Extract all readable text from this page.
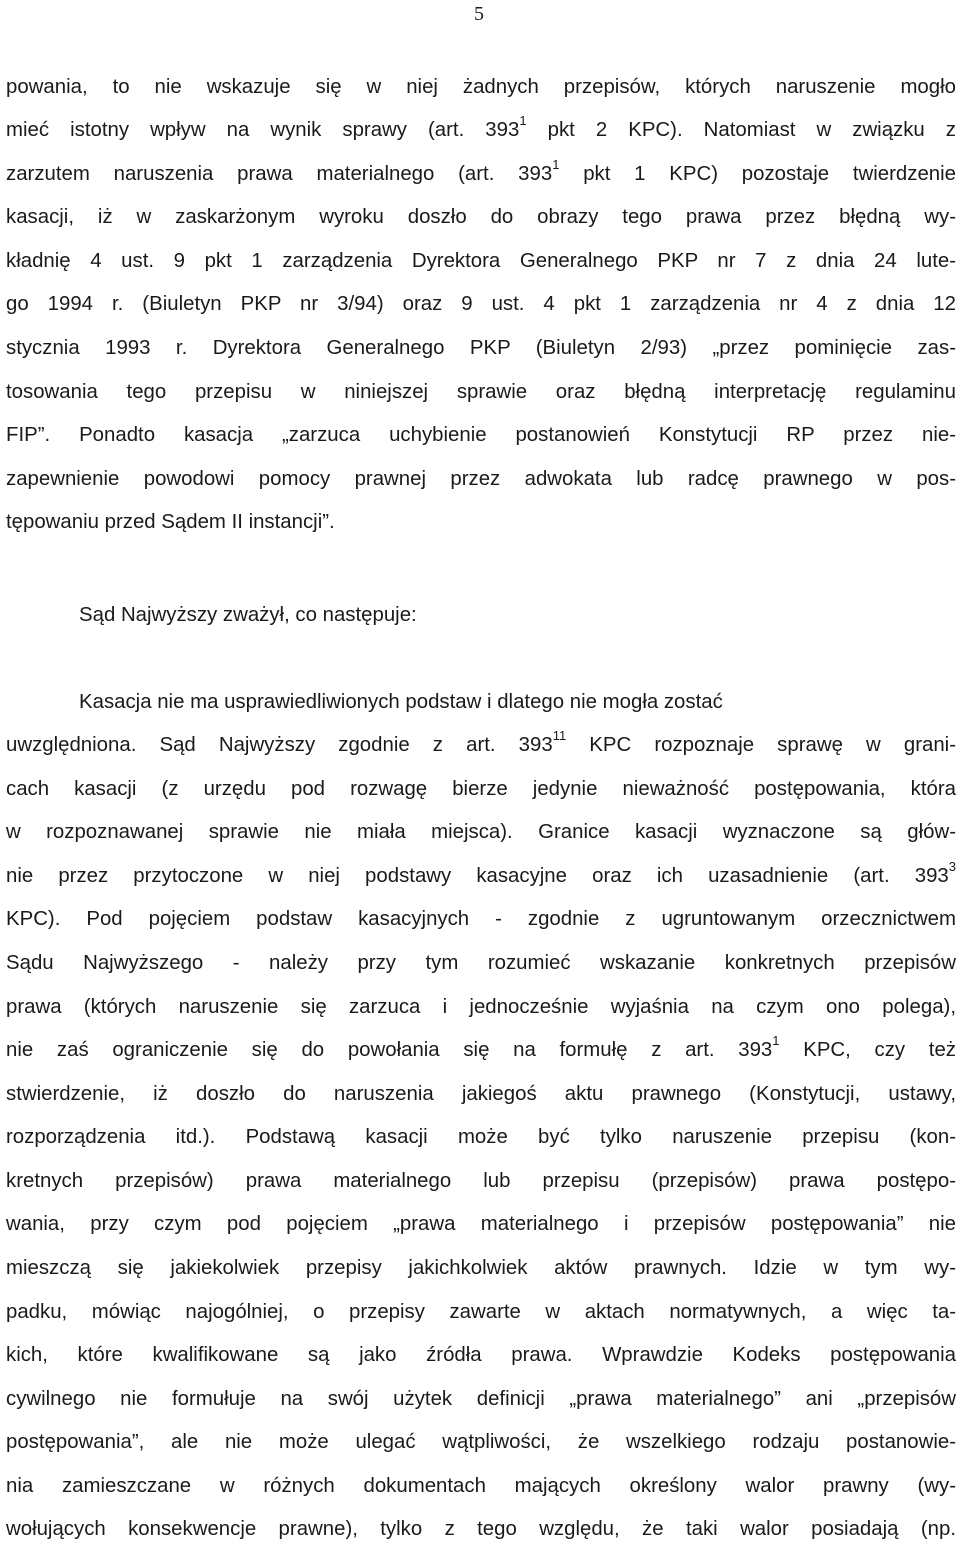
5
powania, to nie wskazuje się w niej żadnych przepisów, których naruszenie mogło
mieć istotny wpływ na wynik sprawy (art. $393^1$ pkt 2 KPC). Natomiast w związku z
zarzutem naruszenia prawa materialnego (art. $393^1$ pkt 1 KPC) pozostaje twierdzenie
kasacji, iż w zaskarżonym wyroku doszło do obrazy tego prawa przez błędną wy-
kładnię 4 ust. 9 pkt 1 zarządzenia Dyrektora Generalnego PKP nr 7 z dnia 24 lute-
go 1994 r. (Biuletyn PKP nr 3/94) oraz 9 ust. 4 pkt 1 zarządzenia nr 4 z dnia 12
stycznia 1993 r. Dyrektora Generalnego PKP (Biuletyn 2/93) „przez pominięcie zas-
tosowania tego przepisu w niniejszej sprawie oraz błędną interpretację regulaminu
FIP”. Ponadto kasacja „zarzuca uchybienie postanowień Konstytucji RP przez nie-
zapewnienie powodowi pomocy prawnej przez adwokata lub radcę prawnego w pos-
tępowaniu przed Sądem II instancji”.
Sąd Najwyższy zważył, co następuje:
Kasacja nie ma usprawiedliwionych podstaw i dlatego nie mogła zostać
uwzględniona. Sąd Najwyższy zgodnie z art. $393^{11}$ KPC rozpoznaje sprawę w grani-
cach kasacji (z urzędu pod rozwagę bierze jedynie nieważność postępowania, która
w rozpoznawanej sprawie nie miała miejsca). Granice kasacji wyznaczone są głów-
nie przez przytoczone w niej podstawy kasacyjne oraz ich uzasadnienie (art. $393^3$
KPC). Pod pojęciem podstaw kasacyjnych - zgodnie z ugruntowanym orzecznictwem
Sądu Najwyższego - należy przy tym rozumieć wskazanie konkretnych przepisów
prawa (których naruszenie się zarzuca i jednocześnie wyjaśnia na czym ono polega),
nie zaś ograniczenie się do powołania się na formułę z art. $393^1$ KPC, czy też
stwierdzenie, iż doszło do naruszenia jakiegoś aktu prawnego (Konstytucji, ustawy,
rozporządzenia itd.). Podstawą kasacji może być tylko naruszenie przepisu (kon-
kretnych przepisów) prawa materialnego lub przepisu (przepisów) prawa postępo-
wania, przy czym pod pojęciem „prawa materialnego i przepisów postępowania” nie
mieszczą się jakiekolwiek przepisy jakichkolwiek aktów prawnych. Idzie w tym wy-
padku, mówiąc najogólniej, o przepisy zawarte w aktach normatywnych, a więc ta-
kich, które kwalifikowane są jako źródła prawa. Wprawdzie Kodeks postępowania
cywilnego nie formułuje na swój użytek definicji „prawa materialnego” ani „przepisów
postępowania”, ale nie może ulegać wątpliwości, że wszelkiego rodzaju postanowie-
nia zamieszczane w różnych dokumentach mających określony walor prawny (wy-
wołujących konsekwencje prawne), tylko z tego względu, że taki walor posiadają (np.
